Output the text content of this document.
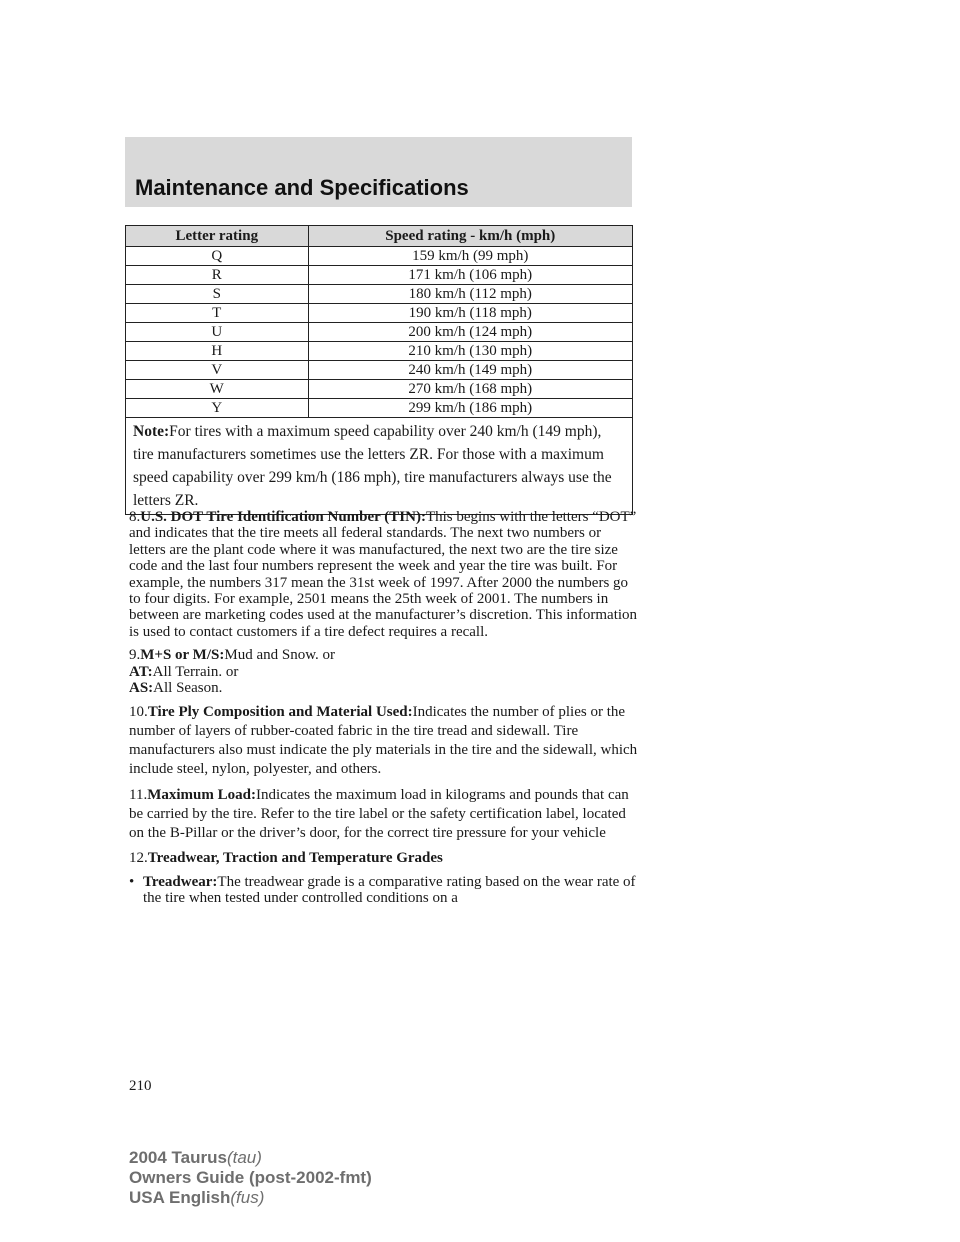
Maintenance and Specifications
Letter rating	Speed rating - km/h (mph)
Q	159 km/h (99 mph)
R	171 km/h (106 mph)
S	180 km/h (112 mph)
T	190 km/h (118 mph)
U	200 km/h (124 mph)
H	210 km/h (130 mph)
V	240 km/h (149 mph)
W	270 km/h (168 mph)
Y	299 km/h (186 mph)
Note:For tires with a maximum speed capability over 240 km/h (149 mph), tire manufacturers sometimes use the letters ZR. For those with a maximum speed capability over 299 km/h (186 mph), tire manufacturers always use the letters ZR.	

8.U.S. DOT Tire Identification Number (TIN):This begins with the letters “DOT” and indicates that the tire meets all federal standards. The next two numbers or letters are the plant code where it was manufactured, the next two are the tire size code and the last four numbers represent the week and year the tire was built. For example, the numbers 317 mean the 31st week of 1997. After 2000 the numbers go to four digits. For example, 2501 means the 25th week of 2001. The numbers in between are marketing codes used at the manufacturer’s discretion. This information is used to contact customers if a tire defect requires a recall.

9.M+S or M/S:Mud and Snow. or

AT:All Terrain. or

AS:All Season.

10.Tire Ply Composition and Material Used:Indicates the number of plies or the number of layers of rubber-coated fabric in the tire tread and sidewall. Tire manufacturers also must indicate the ply materials in the tire and the sidewall, which include steel, nylon, polyester, and others.

11.Maximum Load:Indicates the maximum load in kilograms and pounds that can be carried by the tire. Refer to the tire label or the safety certification label, located on the B-Pillar or the driver’s door, for the correct tire pressure for your vehicle

12.Treadwear, Traction and Temperature Grades

• Treadwear:The treadwear grade is a comparative rating based on the wear rate of the tire when tested under controlled conditions on a
210
2004 Taurus(tau)
Owners Guide (post-2002-fmt)
USA English(fus)
